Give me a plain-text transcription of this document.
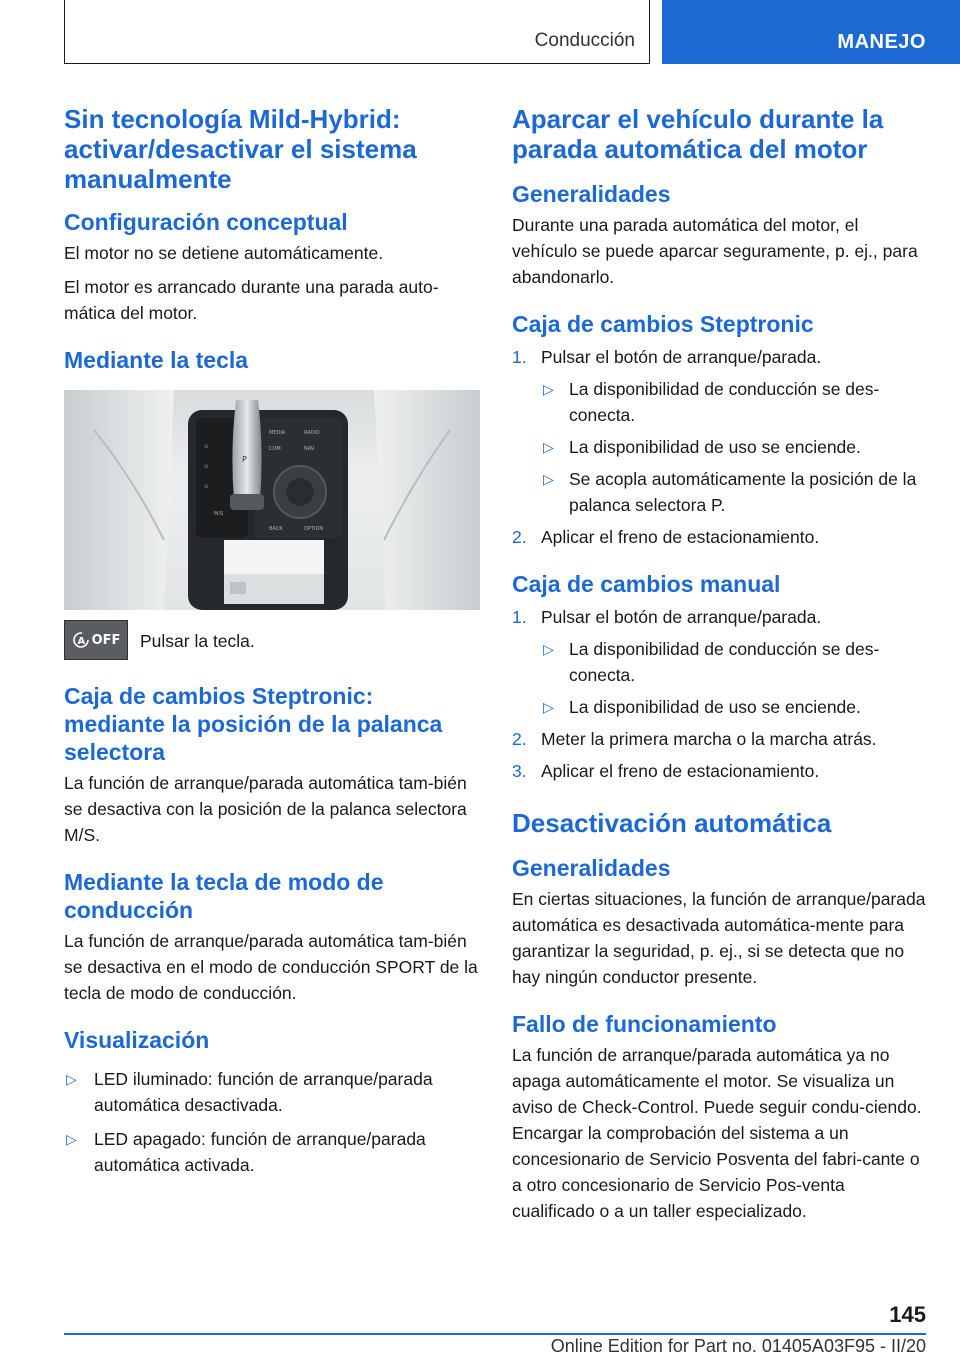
Conducción	MANEJO
Sin tecnología Mild-Hybrid: activar/desactivar el sistema manualmente
Configuración conceptual

El motor no se detiene automáticamente.

El motor es arrancado durante una parada auto‐mática del motor.

Mediante la tecla
P
⊙
⊙
⊙
MEDIA	RADIO
COM	NAV
BACK	OPTION
M/S
A OFF Pulsar la tecla.

Caja de cambios Steptronic: mediante la posición de la palanca selectora

La función de arranque/parada automática tam‐bién se desactiva con la posición de la palanca selectora M/S.

Mediante la tecla de modo de conducción

La función de arranque/parada automática tam‐bién se desactiva en el modo de conducción SPORT de la tecla de modo de conducción.

Visualización
▷ LED iluminado: función de arranque/parada automática desactivada.
▷ LED apagado: función de arranque/parada automática activada.
Aparcar el vehículo durante la parada automática del motor
Generalidades

Durante una parada automática del motor, el vehículo se puede aparcar seguramente, p. ej., para abandonarlo.

Caja de cambios Steptronic
1. Pulsar el botón de arranque/parada.
▷ La disponibilidad de conducción se des‐conecta.
▷ La disponibilidad de uso se enciende.
▷ Se acopla automáticamente la posición de la palanca selectora P.
2. Aplicar el freno de estacionamiento.
Caja de cambios manual
1. Pulsar el botón de arranque/parada.
▷ La disponibilidad de conducción se des‐conecta.
▷ La disponibilidad de uso se enciende.
2. Meter la primera marcha o la marcha atrás.
3. Aplicar el freno de estacionamiento.
Desactivación automática
Generalidades

En ciertas situaciones, la función de arranque/parada automática es desactivada automática‐mente para garantizar la seguridad, p. ej., si se detecta que no hay ningún conductor presente.

Fallo de funcionamiento

La función de arranque/parada automática ya no apaga automáticamente el motor. Se visualiza un aviso de Check-Control. Puede seguir condu‐ciendo. Encargar la comprobación del sistema a un concesionario de Servicio Posventa del fabri‐cante o a otro concesionario de Servicio Pos‐venta cualificado o a un taller especializado.

145
Online Edition for Part no. 01405A03F95 - II/20
